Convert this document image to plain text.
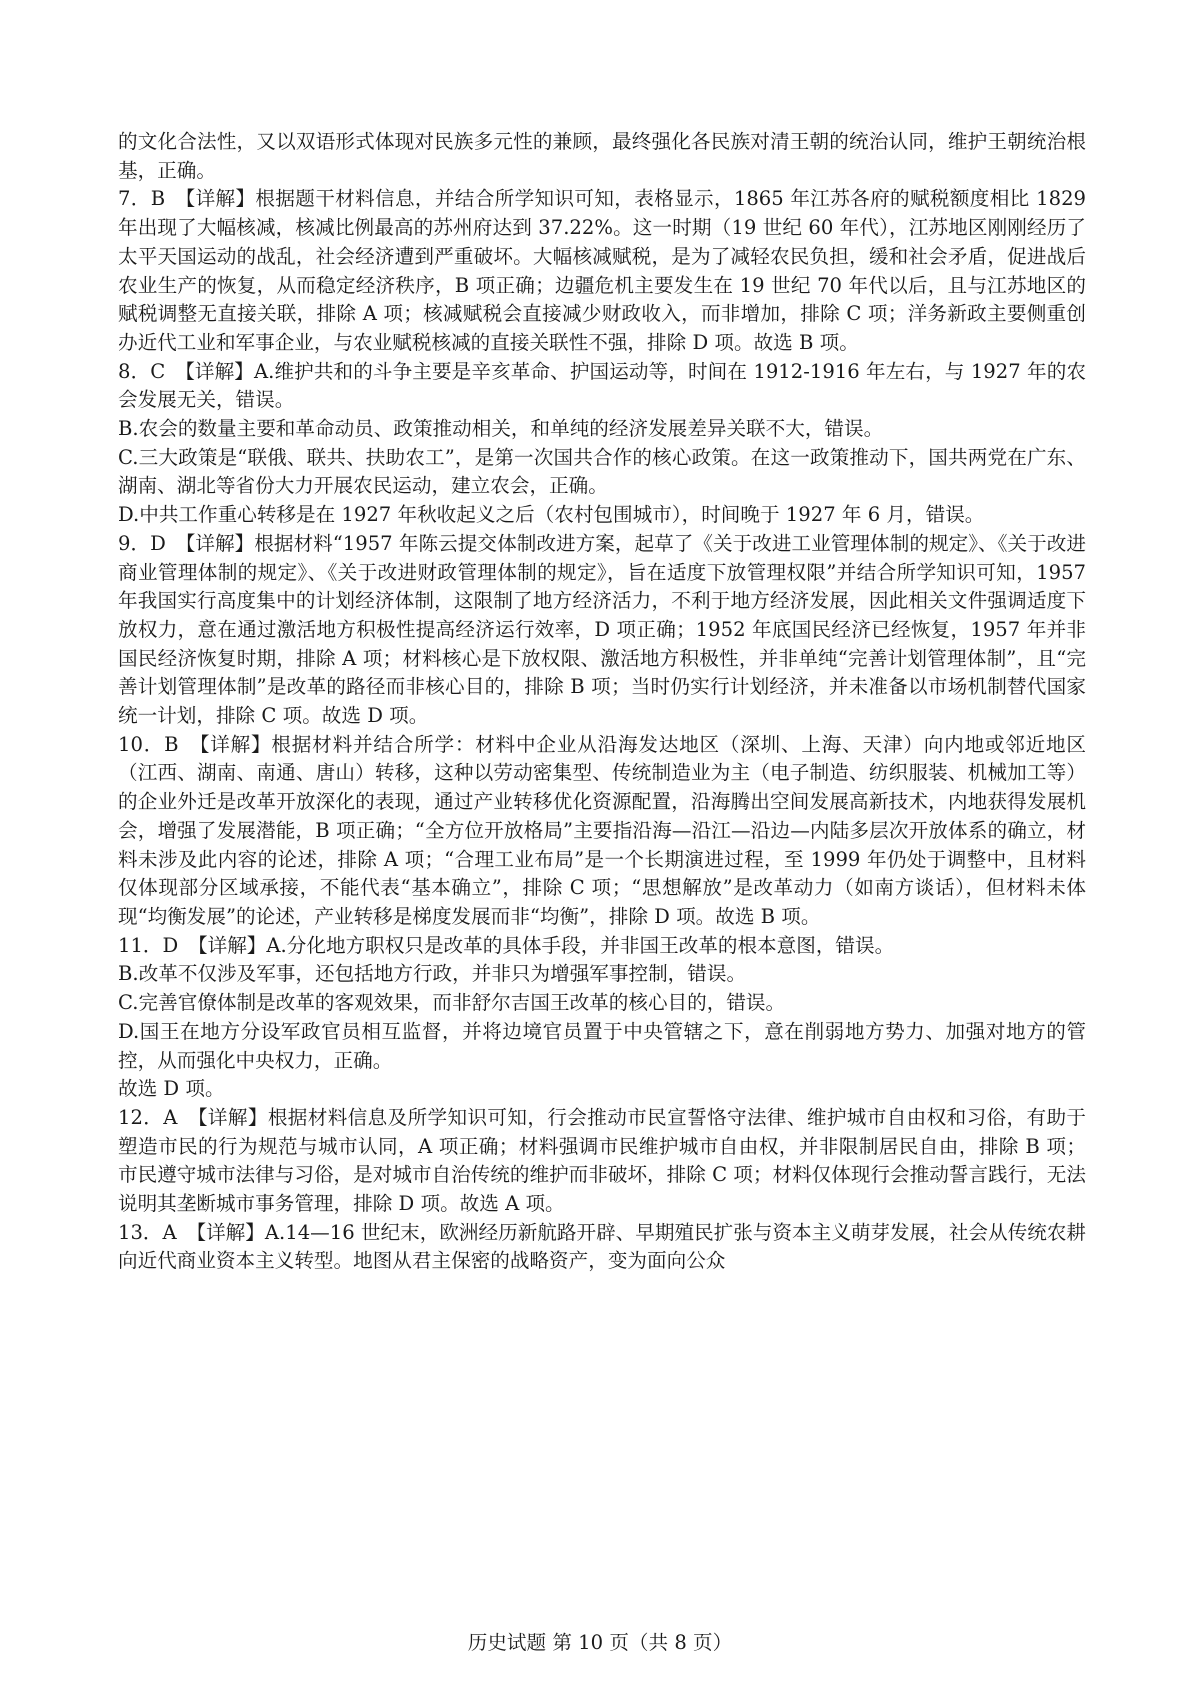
的文化合法性，又以双语形式体现对民族多元性的兼顾，最终强化各民族对清王朝的统治认同，维护王朝统治根基，正确。

7．B　【详解】根据题干材料信息，并结合所学知识可知，表格显示，1865 年江苏各府的赋税额度相比 1829 年出现了大幅核减，核减比例最高的苏州府达到 37.22%。这一时期（19 世纪 60 年代），江苏地区刚刚经历了太平天国运动的战乱，社会经济遭到严重破坏。大幅核减赋税，是为了减轻农民负担，缓和社会矛盾，促进战后农业生产的恢复，从而稳定经济秩序，B 项正确；边疆危机主要发生在 19 世纪 70 年代以后，且与江苏地区的赋税调整无直接关联，排除 A 项；核减赋税会直接减少财政收入，而非增加，排除 C 项；洋务新政主要侧重创办近代工业和军事企业，与农业赋税核减的直接关联性不强，排除 D 项。故选 B 项。

8．C　【详解】A.维护共和的斗争主要是辛亥革命、护国运动等，时间在 1912-1916 年左右，与 1927 年的农会发展无关，错误。

B.农会的数量主要和革命动员、政策推动相关，和单纯的经济发展差异关联不大，错误。

C.三大政策是“联俄、联共、扶助农工”，是第一次国共合作的核心政策。在这一政策推动下，国共两党在广东、湖南、湖北等省份大力开展农民运动，建立农会，正确。

D.中共工作重心转移是在 1927 年秋收起义之后（农村包围城市），时间晚于 1927 年 6 月，错误。

9．D　【详解】根据材料“1957 年陈云提交体制改进方案，起草了《关于改进工业管理体制的规定》、《关于改进商业管理体制的规定》、《关于改进财政管理体制的规定》，旨在适度下放管理权限”并结合所学知识可知，1957 年我国实行高度集中的计划经济体制，这限制了地方经济活力，不利于地方经济发展，因此相关文件强调适度下放权力，意在通过激活地方积极性提高经济运行效率，D 项正确；1952 年底国民经济已经恢复，1957 年并非国民经济恢复时期，排除 A 项；材料核心是下放权限、激活地方积极性，并非单纯“完善计划管理体制”，且“完善计划管理体制”是改革的路径而非核心目的，排除 B 项；当时仍实行计划经济，并未准备以市场机制替代国家统一计划，排除 C 项。故选 D 项。

10．B　【详解】根据材料并结合所学：材料中企业从沿海发达地区（深圳、上海、天津）向内地或邻近地区（江西、湖南、南通、唐山）转移，这种以劳动密集型、传统制造业为主（电子制造、纺织服装、机械加工等）的企业外迁是改革开放深化的表现，通过产业转移优化资源配置，沿海腾出空间发展高新技术，内地获得发展机会，增强了发展潜能，B 项正确；“全方位开放格局”主要指沿海—沿江—沿边—内陆多层次开放体系的确立，材料未涉及此内容的论述，排除 A 项；“合理工业布局”是一个长期演进过程，至 1999 年仍处于调整中，且材料仅体现部分区域承接，不能代表“基本确立”，排除 C 项；“思想解放”是改革动力（如南方谈话），但材料未体现“均衡发展”的论述，产业转移是梯度发展而非“均衡”，排除 D 项。故选 B 项。

11．D　【详解】A.分化地方职权只是改革的具体手段，并非国王改革的根本意图，错误。

B.改革不仅涉及军事，还包括地方行政，并非只为增强军事控制，错误。

C.完善官僚体制是改革的客观效果，而非舒尔吉国王改革的核心目的，错误。

D.国王在地方分设军政官员相互监督，并将边境官员置于中央管辖之下，意在削弱地方势力、加强对地方的管控，从而强化中央权力，正确。

故选 D 项。

12．A　【详解】根据材料信息及所学知识可知，行会推动市民宣誓恪守法律、维护城市自由权和习俗，有助于塑造市民的行为规范与城市认同，A 项正确；材料强调市民维护城市自由权，并非限制居民自由，排除 B 项；市民遵守城市法律与习俗，是对城市自治传统的维护而非破坏，排除 C 项；材料仅体现行会推动誓言践行，无法说明其垄断城市事务管理，排除 D 项。故选 A 项。

13．A　【详解】A.14—16 世纪末，欧洲经历新航路开辟、早期殖民扩张与资本主义萌芽发展，社会从传统农耕向近代商业资本主义转型。地图从君主保密的战略资产，变为面向公众

历史试题 第 10 页（共 8 页）
